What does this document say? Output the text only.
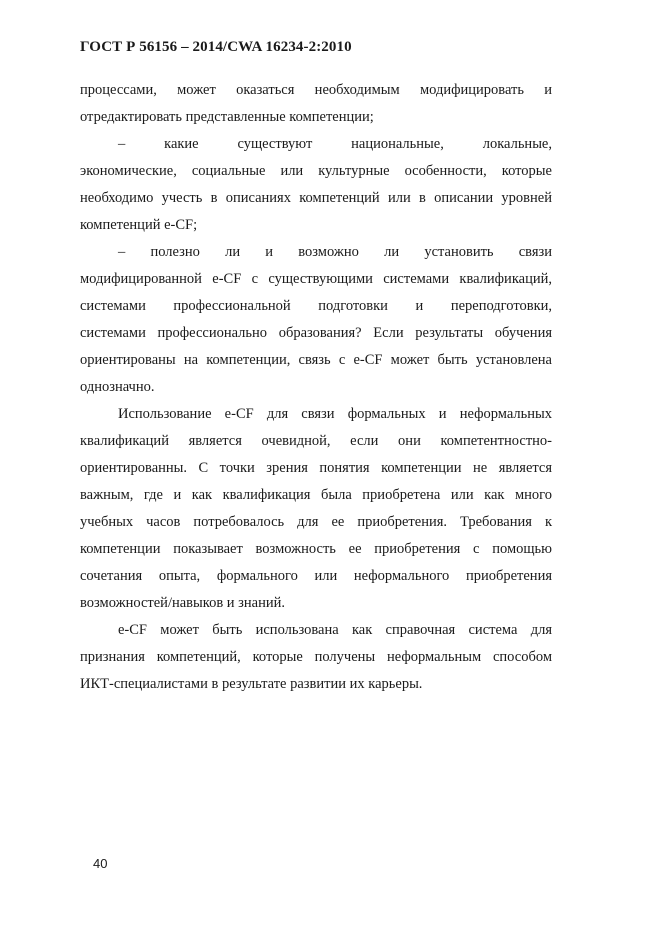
ГОСТ Р 56156 – 2014/CWA 16234-2:2010
процессами, может оказаться необходимым модифицировать и
отредактировать представленные компетенции;
– какие существуют национальные, локальные,
экономические, социальные или культурные особенности, которые
необходимо учесть в описаниях компетенций или в описании уровней
компетенций e-CF;
– полезно ли и возможно ли установить связи
модифицированной e-CF с существующими системами квалификаций,
системами профессиональной подготовки и переподготовки,
системами профессионально образования? Если результаты обучения
ориентированы на компетенции, связь с e-CF может быть установлена
однозначно.
Использование e-CF для связи формальных и неформальных
квалификаций является очевидной, если они компетентностно-
ориентированны. С точки зрения понятия компетенции не является
важным, где и как квалификация была приобретена или как много
учебных часов потребовалось для ее приобретения. Требования к
компетенции показывает возможность ее приобретения с помощью
сочетания опыта, формального или неформального приобретения
возможностей/навыков и знаний.
e-CF может быть использована как справочная система для
признания компетенций, которые получены неформальным способом
ИКТ-специалистами в результате развитии их карьеры.
40
